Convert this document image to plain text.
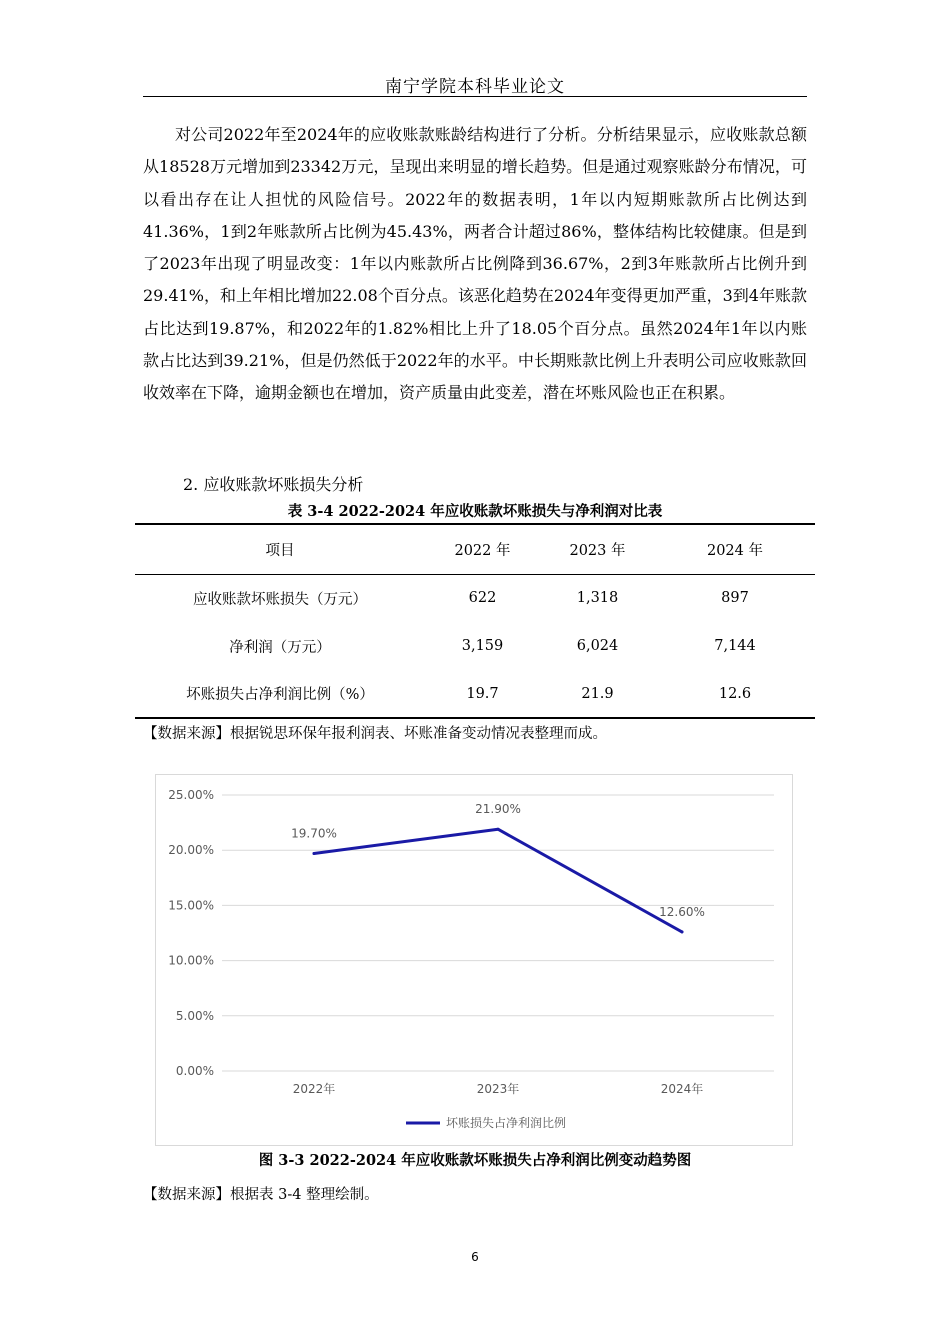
南宁学院本科毕业论文

对公司2022年至2024年的应收账款账龄结构进行了分析。分析结果显示，应收账款总额从18528万元增加到23342万元，呈现出来明显的增长趋势。但是通过观察账龄分布情况，可以看出存在让人担忧的风险信号。2022年的数据表明，1年以内短期账款所占比例达到41.36%，1到2年账款所占比例为45.43%，两者合计超过86%，整体结构比较健康。但是到了2023年出现了明显改变：1年以内账款所占比例降到36.67%，2到3年账款所占比例升到29.41%，和上年相比增加22.08个百分点。该恶化趋势在2024年变得更加严重，3到4年账款占比达到19.87%，和2022年的1.82%相比上升了18.05个百分点。虽然2024年1年以内账款占比达到39.21%，但是仍然低于2022年的水平。中长期账款比例上升表明公司应收账款回收效率在下降，逾期金额也在增加，资产质量由此变差，潜在坏账风险也正在积累。

2. 应收账款坏账损失分析
表 3-4 2022-2024 年应收账款坏账损失与净利润对比表
项目	2022 年	2023 年	2024 年
应收账款坏账损失（万元）	622	1,318	897
净利润（万元）	3,159	6,024	7,144
坏账损失占净利润比例（%）	19.7	21.9	12.6
【数据来源】根据锐思环保年报利润表、坏账准备变动情况表整理而成。
0.00%
5.00%
10.00%
15.00%
20.00%
25.00%
2022年	2023年	2024年
19.70%
21.90%
12.60%
坏账损失占净利润比例
图 3-3 2022-2024 年应收账款坏账损失占净利润比例变动趋势图
【数据来源】根据表 3-4 整理绘制。
6
